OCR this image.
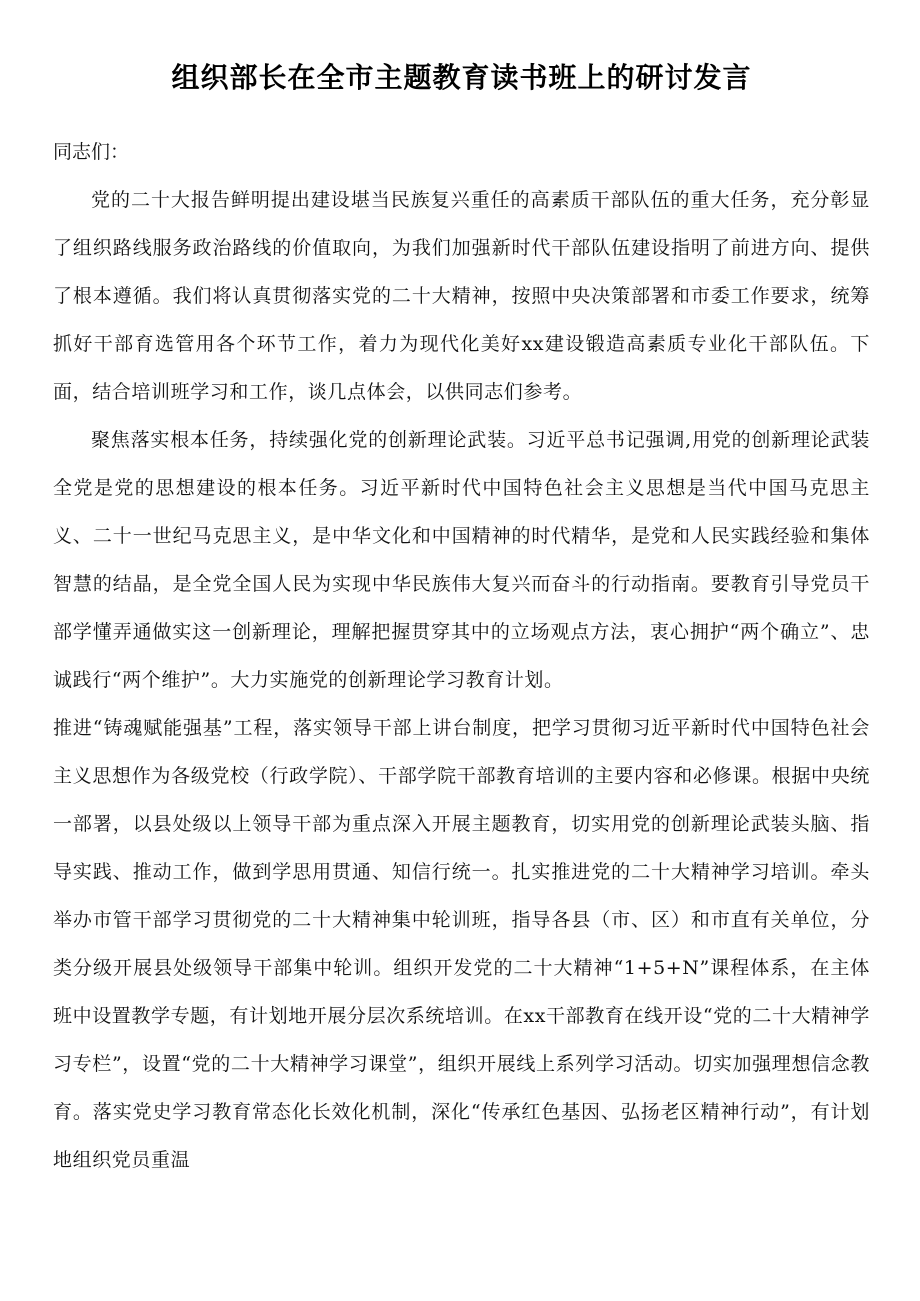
组织部长在全市主题教育读书班上的研讨发言

同志们：

党的二十大报告鲜明提出建设堪当民族复兴重任的高素质干部队伍的重大任务，充分彰显了组织路线服务政治路线的价值取向，为我们加强新时代干部队伍建设指明了前进方向、提供了根本遵循。我们将认真贯彻落实党的二十大精神，按照中央决策部署和市委工作要求，统筹抓好干部育选管用各个环节工作，着力为现代化美好xx建设锻造高素质专业化干部队伍。下面，结合培训班学习和工作，谈几点体会，以供同志们参考。

聚焦落实根本任务，持续强化党的创新理论武装。习近平总书记强调,用党的创新理论武装全党是党的思想建设的根本任务。习近平新时代中国特色社会主义思想是当代中国马克思主义、二十一世纪马克思主义，是中华文化和中国精神的时代精华，是党和人民实践经验和集体智慧的结晶，是全党全国人民为实现中华民族伟大复兴而奋斗的行动指南。要教育引导党员干部学懂弄通做实这一创新理论，理解把握贯穿其中的立场观点方法，衷心拥护“两个确立”、忠诚践行“两个维护”。大力实施党的创新理论学习教育计划。

推进“铸魂赋能强基”工程，落实领导干部上讲台制度，把学习贯彻习近平新时代中国特色社会主义思想作为各级党校（行政学院）、干部学院干部教育培训的主要内容和必修课。根据中央统一部署，以县处级以上领导干部为重点深入开展主题教育，切实用党的创新理论武装头脑、指导实践、推动工作，做到学思用贯通、知信行统一。扎实推进党的二十大精神学习培训。牵头举办市管干部学习贯彻党的二十大精神集中轮训班，指导各县（市、区）和市直有关单位，分类分级开展县处级领导干部集中轮训。组织开发党的二十大精神“1+5+N”课程体系，在主体班中设置教学专题，有计划地开展分层次系统培训。在xx干部教育在线开设“党的二十大精神学习专栏”，设置“党的二十大精神学习课堂”，组织开展线上系列学习活动。切实加强理想信念教育。落实党史学习教育常态化长效化机制，深化“传承红色基因、弘扬老区精神行动”，有计划地组织党员重温
